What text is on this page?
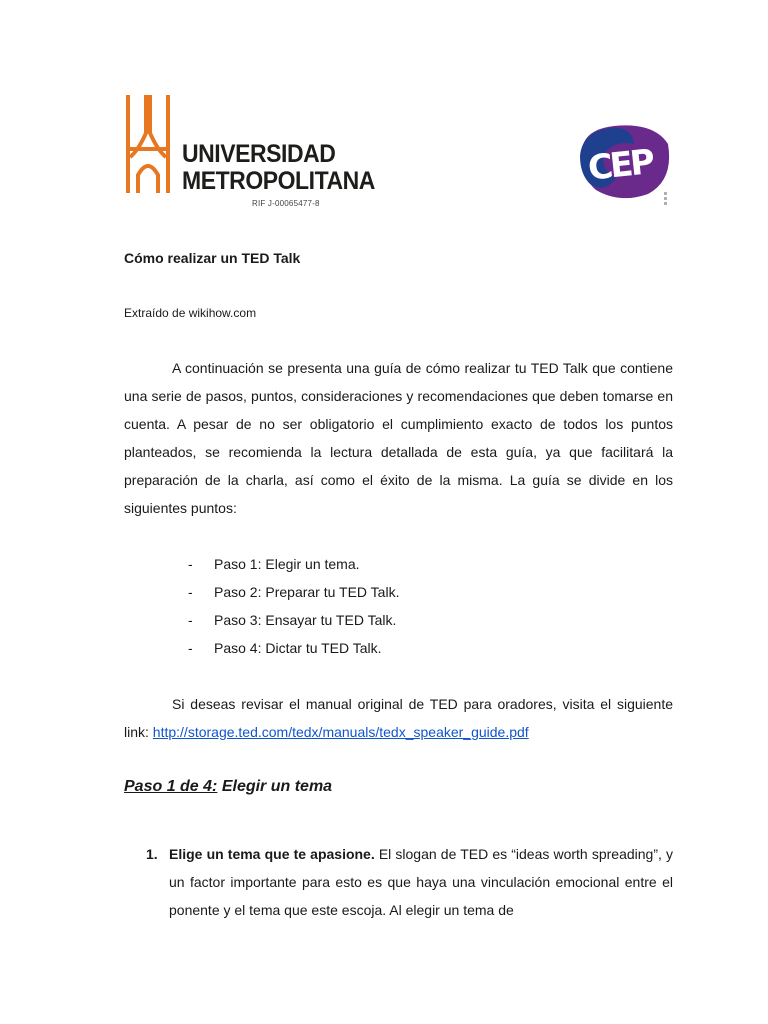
UNIVERSIDAD
METROPOLITANA
RIF J-00065477-8
CEP
Cómo realizar un TED Talk
Extraído de wikihow.com

A continuación se presenta una guía de cómo realizar tu TED Talk que contiene una serie de pasos, puntos, consideraciones y recomendaciones que deben tomarse en cuenta. A pesar de no ser obligatorio el cumplimiento exacto de todos los puntos planteados, se recomienda la lectura detallada de esta guía, ya que facilitará la preparación de la charla, así como el éxito de la misma. La guía se divide en los siguientes puntos:

- Paso 1: Elegir un tema.
- Paso 2: Preparar tu TED Talk.
- Paso 3: Ensayar tu TED Talk.
- Paso 4: Dictar tu TED Talk.

Si deseas revisar el manual original de TED para oradores, visita el siguiente link: http://storage.ted.com/tedx/manuals/tedx_speaker_guide.pdf

Paso 1 de 4: Elegir un tema
1. Elige un tema que te apasione. El slogan de TED es “ideas worth spreading”, y un factor importante para esto es que haya una vinculación emocional entre el ponente y el tema que este escoja. Al elegir un tema de
